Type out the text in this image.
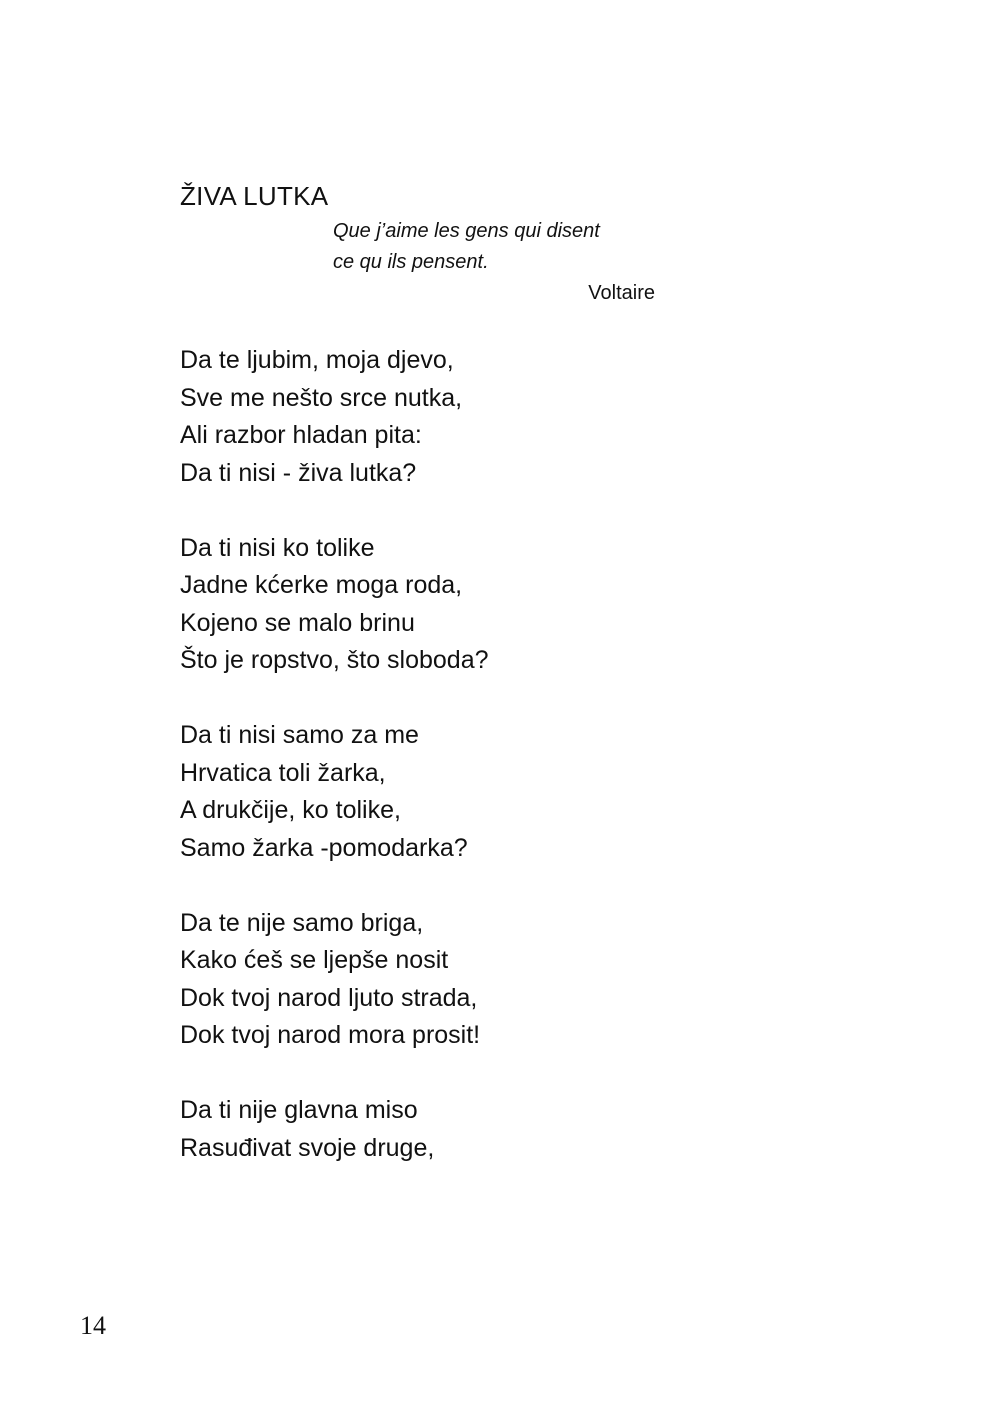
ŽIVA LUTKA
Que j’aime les gens qui disent
ce qu ils pensent.
Voltaire
Da te ljubim, moja djevo,
Sve me nešto srce nutka,
Ali razbor hladan pita:
Da ti nisi - živa lutka?
Da ti nisi ko tolike
Jadne kćerke moga roda,
Kojeno se malo brinu
Što je ropstvo, što sloboda?
Da ti nisi samo za me
Hrvatica toli žarka,
A drukčije, ko tolike,
Samo žarka -pomodarka?
Da te nije samo briga,
Kako ćeš se ljepše nosit
Dok tvoj narod ljuto strada,
Dok tvoj narod mora prosit!
Da ti nije glavna miso
Rasuđivat svoje druge,
14
